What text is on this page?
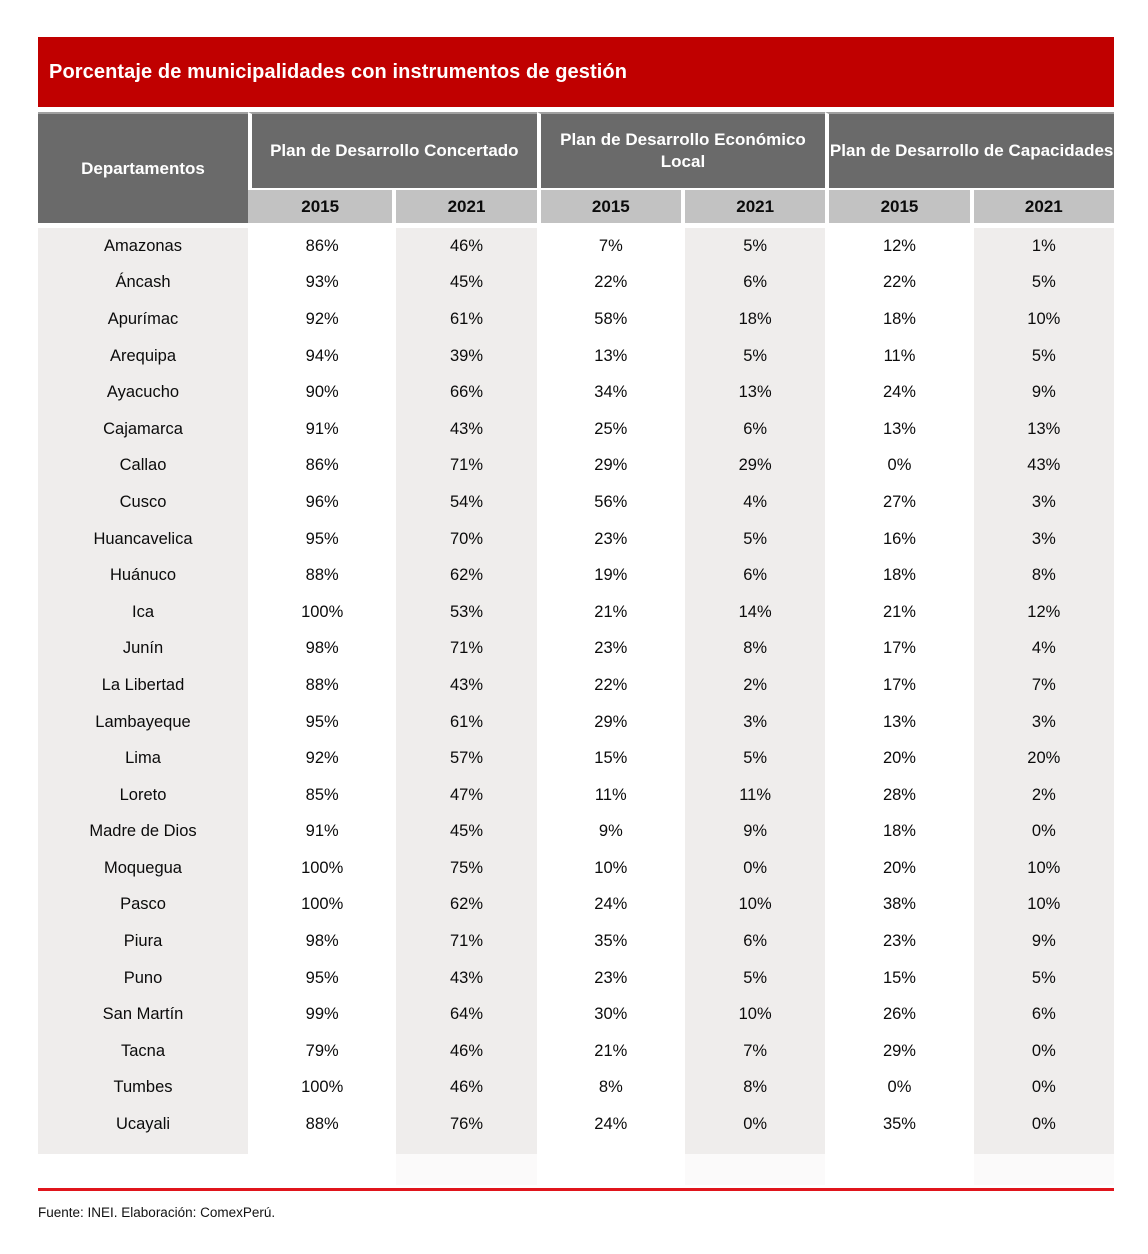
Porcentaje de municipalidades con instrumentos de gestión
Departamentos	Plan de Desarrollo Concertado		Plan de Desarrollo Económico Local		Plan de Desarrollo de Capacidades	
	2015	2021	2015	2021	2015	2021
Amazonas	86%	46%	7%	5%	12%	1%
Áncash	93%	45%	22%	6%	22%	5%
Apurímac	92%	61%	58%	18%	18%	10%
Arequipa	94%	39%	13%	5%	11%	5%
Ayacucho	90%	66%	34%	13%	24%	9%
Cajamarca	91%	43%	25%	6%	13%	13%
Callao	86%	71%	29%	29%	0%	43%
Cusco	96%	54%	56%	4%	27%	3%
Huancavelica	95%	70%	23%	5%	16%	3%
Huánuco	88%	62%	19%	6%	18%	8%
Ica	100%	53%	21%	14%	21%	12%
Junín	98%	71%	23%	8%	17%	4%
La Libertad	88%	43%	22%	2%	17%	7%
Lambayeque	95%	61%	29%	3%	13%	3%
Lima	92%	57%	15%	5%	20%	20%
Loreto	85%	47%	11%	11%	28%	2%
Madre de Dios	91%	45%	9%	9%	18%	0%
Moquegua	100%	75%	10%	0%	20%	10%
Pasco	100%	62%	24%	10%	38%	10%
Piura	98%	71%	35%	6%	23%	9%
Puno	95%	43%	23%	5%	15%	5%
San Martín	99%	64%	30%	10%	26%	6%
Tacna	79%	46%	21%	7%	29%	0%
Tumbes	100%	46%	8%	8%	0%	0%
Ucayali	88%	76%	24%	0%	35%	0%

Fuente: INEI. Elaboración: ComexPerú.
